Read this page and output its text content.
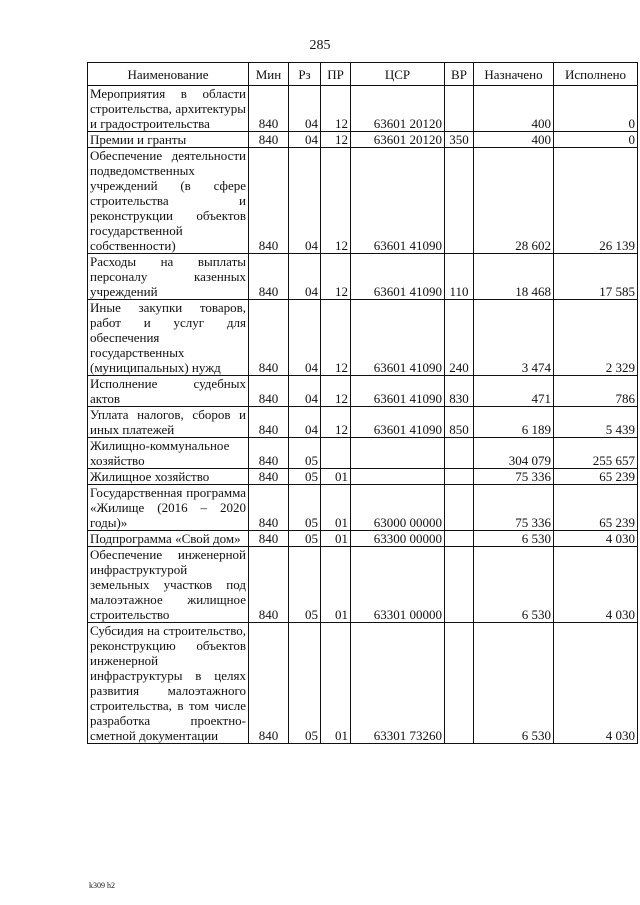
285
Наименование	Мин	Рз	ПР	ЦСР	ВР	Назначено	Исполнено
Мероприятия в области строительства, архитектуры и градостроительства	840	04	12	63601 20120		400	0
Премии и гранты	840	04	12	63601 20120	350	400	0
Обеспечение деятельности подведомственных учреждений (в сфере строительства и реконструкции объектов государственной собственности)	840	04	12	63601 41090		28 602	26 139
Расходы на выплаты персоналу казенных учреждений	840	04	12	63601 41090	110	18 468	17 585
Иные закупки товаров, работ и услуг для обеспечения государственных (муниципальных) нужд	840	04	12	63601 41090	240	3 474	2 329
Исполнение судебных актов	840	04	12	63601 41090	830	471	786
Уплата налогов, сборов и иных платежей	840	04	12	63601 41090	850	6 189	5 439
Жилищно-коммунальное хозяйство	840	05				304 079	255 657
Жилищное хозяйство	840	05	01			75 336	65 239
Государственная программа «Жилище (2016 – 2020 годы)»	840	05	01	63000 00000		75 336	65 239
Подпрограмма «Свой дом»	840	05	01	63300 00000		6 530	4 030
Обеспечение инженерной инфраструктурой земельных участков под малоэтажное жилищное строительство	840	05	01	63301 00000		6 530	4 030
Субсидия на строительство, реконструкцию объектов инженерной инфраструктуры в целях развития малоэтажного строительства, в том числе разработка проектно-сметной документации	840	05	01	63301 73260		6 530	4 030
k309 h2
